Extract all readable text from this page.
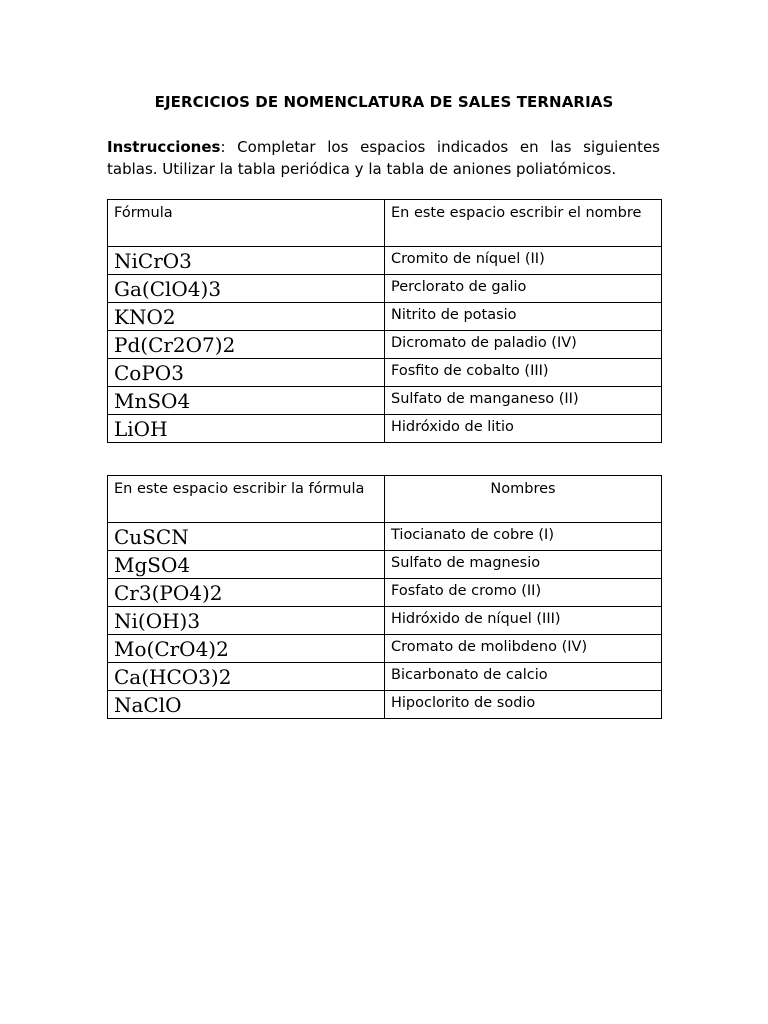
EJERCICIOS DE NOMENCLATURA DE SALES TERNARIAS
Instrucciones: Completar los espacios indicados en las siguientes tablas. Utilizar la tabla periódica y la tabla de aniones poliatómicos.
Fórmula	En este espacio escribir el nombre
NiCrO3	Cromito de níquel (II)
Ga(ClO4)3	Perclorato de galio
KNO2	Nitrito de potasio
Pd(Cr2O7)2	Dicromato de paladio (IV)
CoPO3	Fosfito de cobalto (III)
MnSO4	Sulfato de manganeso (II)
LiOH	Hidróxido de litio
En este espacio escribir la fórmula	Nombres
CuSCN	Tiocianato de cobre (I)
MgSO4	Sulfato de magnesio
Cr3(PO4)2	Fosfato de cromo (II)
Ni(OH)3	Hidróxido de níquel (III)
Mo(CrO4)2	Cromato de molibdeno (IV)
Ca(HCO3)2	Bicarbonato de calcio
NaClO	Hipoclorito de sodio
